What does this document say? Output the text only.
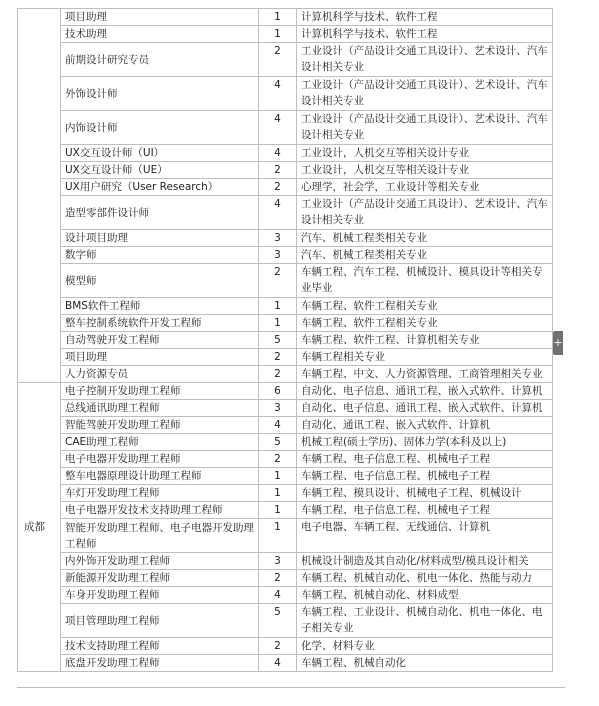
	项目助理	1	计算机科学与技术、软件工程
	技术助理	1	计算机科学与技术、软件工程
	前期设计研究专员	2	工业设计（产品设计交通工具设计）、艺术设计、汽车设计相关专业
	外饰设计师	4	工业设计（产品设计交通工具设计）、艺术设计、汽车设计相关专业
	内饰设计师	4	工业设计（产品设计交通工具设计）、艺术设计、汽车设计相关专业
	UX交互设计师（UI）	4	工业设计，人机交互等相关设计专业
	UX交互设计师（UE）	2	工业设计，人机交互等相关设计专业
	UX用户研究（User Research）	2	心理学，社会学，工业设计等相关专业
	造型零部件设计师	4	工业设计（产品设计交通工具设计）、艺术设计、汽车设计相关专业
	设计项目助理	3	汽车、机械工程类相关专业
	数字师	3	汽车、机械工程类相关专业
	模型师	2	车辆工程、汽车工程、机械设计、模具设计等相关专业毕业
	BMS软件工程师	1	车辆工程、软件工程相关专业
	整车控制系统软件开发工程师	1	车辆工程、软件工程相关专业
	自动驾驶开发工程师	5	车辆工程、软件工程、计算机相关专业
	项目助理	2	车辆工程相关专业
	人力资源专员	2	车辆工程、中文、人力资源管理、工商管理相关专业
成都	电子控制开发助理工程师	6	自动化、电子信息、通讯工程、嵌入式软件、计算机
	总线通讯助理工程师	3	自动化、电子信息、通讯工程、嵌入式软件、计算机
	智能驾驶开发助理工程师	4	自动化、通讯工程、嵌入式软件、计算机
	CAE助理工程师	5	机械工程(硕士学历)、固体力学(本科及以上)
	电子电器开发助理工程师	2	车辆工程、电子信息工程、机械电子工程
	整车电器原理设计助理工程师	1	车辆工程、电子信息工程、机械电子工程
	车灯开发助理工程师	1	车辆工程、模具设计、机械电子工程、机械设计
	电子电器开发技术支持助理工程师	1	车辆工程、电子信息工程、机械电子工程
	智能开发助理工程师、电子电器开发助理工程师	1	电子电器、车辆工程、无线通信、计算机
	内外饰开发助理工程师	3	机械设计制造及其自动化/材料成型/模具设计相关
	新能源开发助理工程师	2	车辆工程、机械自动化、机电一体化、热能与动力
	车身开发助理工程师	4	车辆工程、机械自动化、材料成型
	项目管理助理工程师	5	车辆工程、工业设计、机械自动化、机电一体化、电子相关专业
	技术支持助理工程师	2	化学、材料专业
	底盘开发助理工程师	4	车辆工程、机械自动化
+
